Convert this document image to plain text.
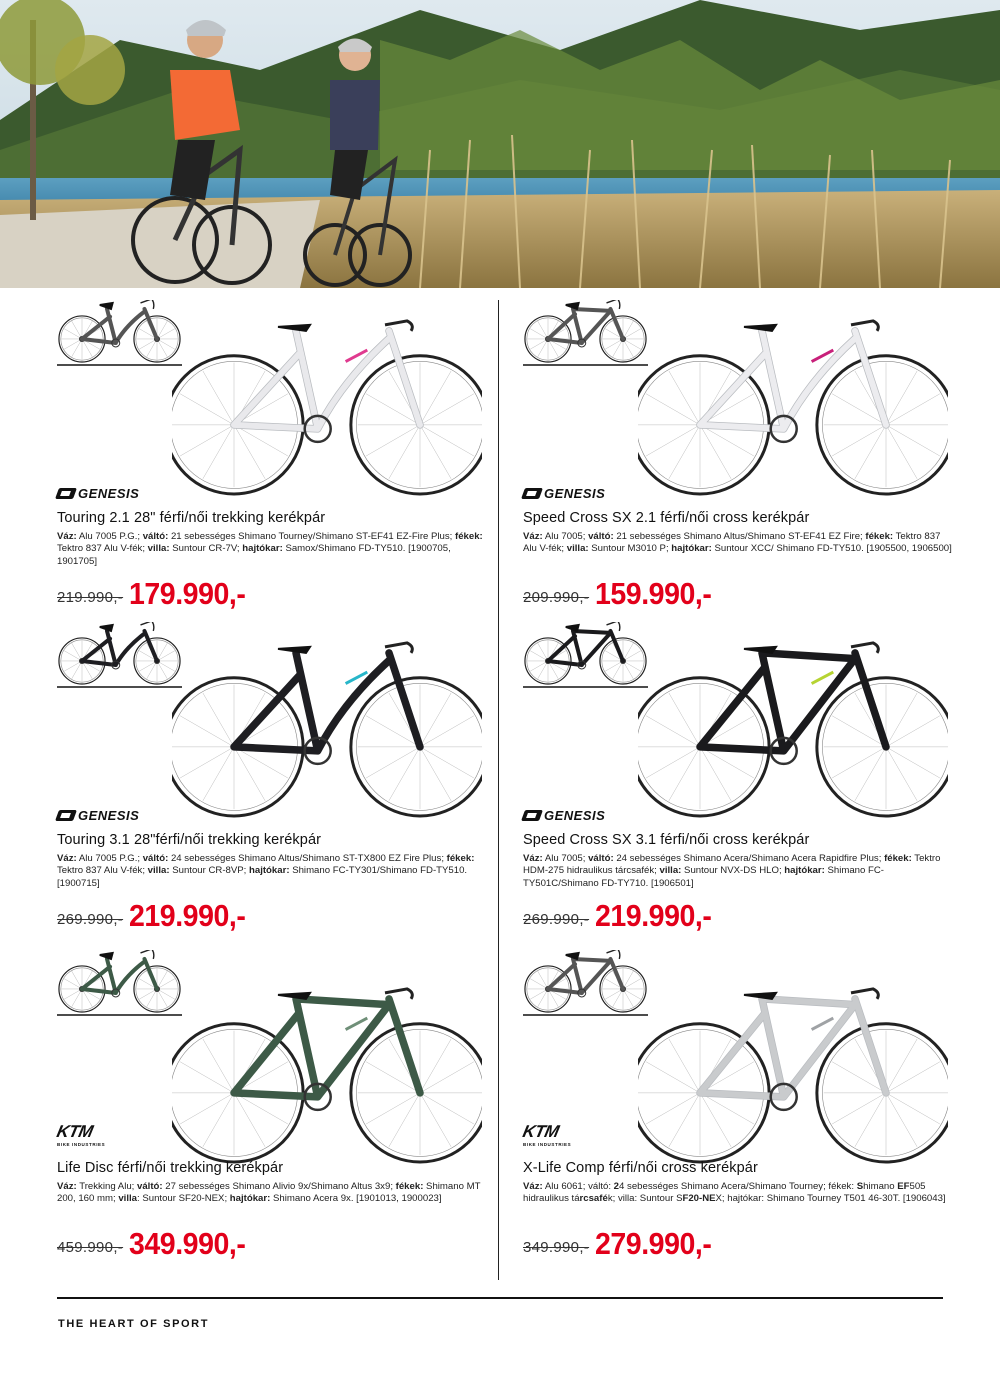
GENESIS
Touring 2.1 28" férfi/női trekking kerékpár
Váz: Alu 7005 P.G.; váltó: 21 sebességes Shimano Tourney/Shimano ST-EF41 EZ-Fire Plus; fékek: Tektro 837 Alu V-fék; villa: Suntour CR-7V; hajtókar: Samox/Shimano FD-TY510. [1900705, 1901705]
219.990,- 179.990,-
GENESIS
Speed Cross SX 2.1 férfi/női cross kerékpár
Váz: Alu 7005; váltó: 21 sebességes Shimano Altus/Shimano ST-EF41 EZ Fire; fékek: Tektro 837 Alu V-fék; villa: Suntour M3010 P; hajtókar: Suntour XCC/ Shimano FD-TY510. [1905500, 1906500]
209.990,- 159.990,-
GENESIS
Touring 3.1 28"férfi/női trekking kerékpár
Váz: Alu 7005 P.G.; váltó: 24 sebességes Shimano Altus/Shimano ST-TX800 EZ Fire Plus; fékek: Tektro 837 Alu V-fék; villa: Suntour CR-8VP; hajtókar: Shimano FC-TY301/Shimano FD-TY510. [1900715]
269.990,- 219.990,-
GENESIS
Speed Cross SX 3.1 férfi/női cross kerékpár
Váz: Alu 7005; váltó: 24 sebességes Shimano Acera/Shimano Acera Rapidfire Plus; fékek: Tektro HDM-275 hidraulikus tárcsafék; villa: Suntour NVX-DS HLO; hajtókar: Shimano FC-TY501C/Shimano FD-TY710. [1906501]
269.990,- 219.990,-
KTM
BIKE INDUSTRIES
Life Disc férfi/női trekking kerékpár
Váz: Trekking Alu; váltó: 27 sebességes Shimano Alivio 9x/Shimano Altus 3x9; fékek: Shimano MT 200, 160 mm; villa: Suntour SF20-NEX; hajtókar: Shimano Acera 9x. [1901013, 1900023]
459.990,- 349.990,-
KTM
BIKE INDUSTRIES
X-Life Comp férfi/női cross kerékpár
Váz: Alu 6061; váltó: 24 sebességes Shimano Acera/Shimano Tourney; fékek: Shimano EF505 hidraulikus tárcsafék; villa: Suntour SF20-NEX; hajtókar: Shimano Tourney T501 46-30T. [1906043]
349.990,- 279.990,-
THE HEART OF SPORT
